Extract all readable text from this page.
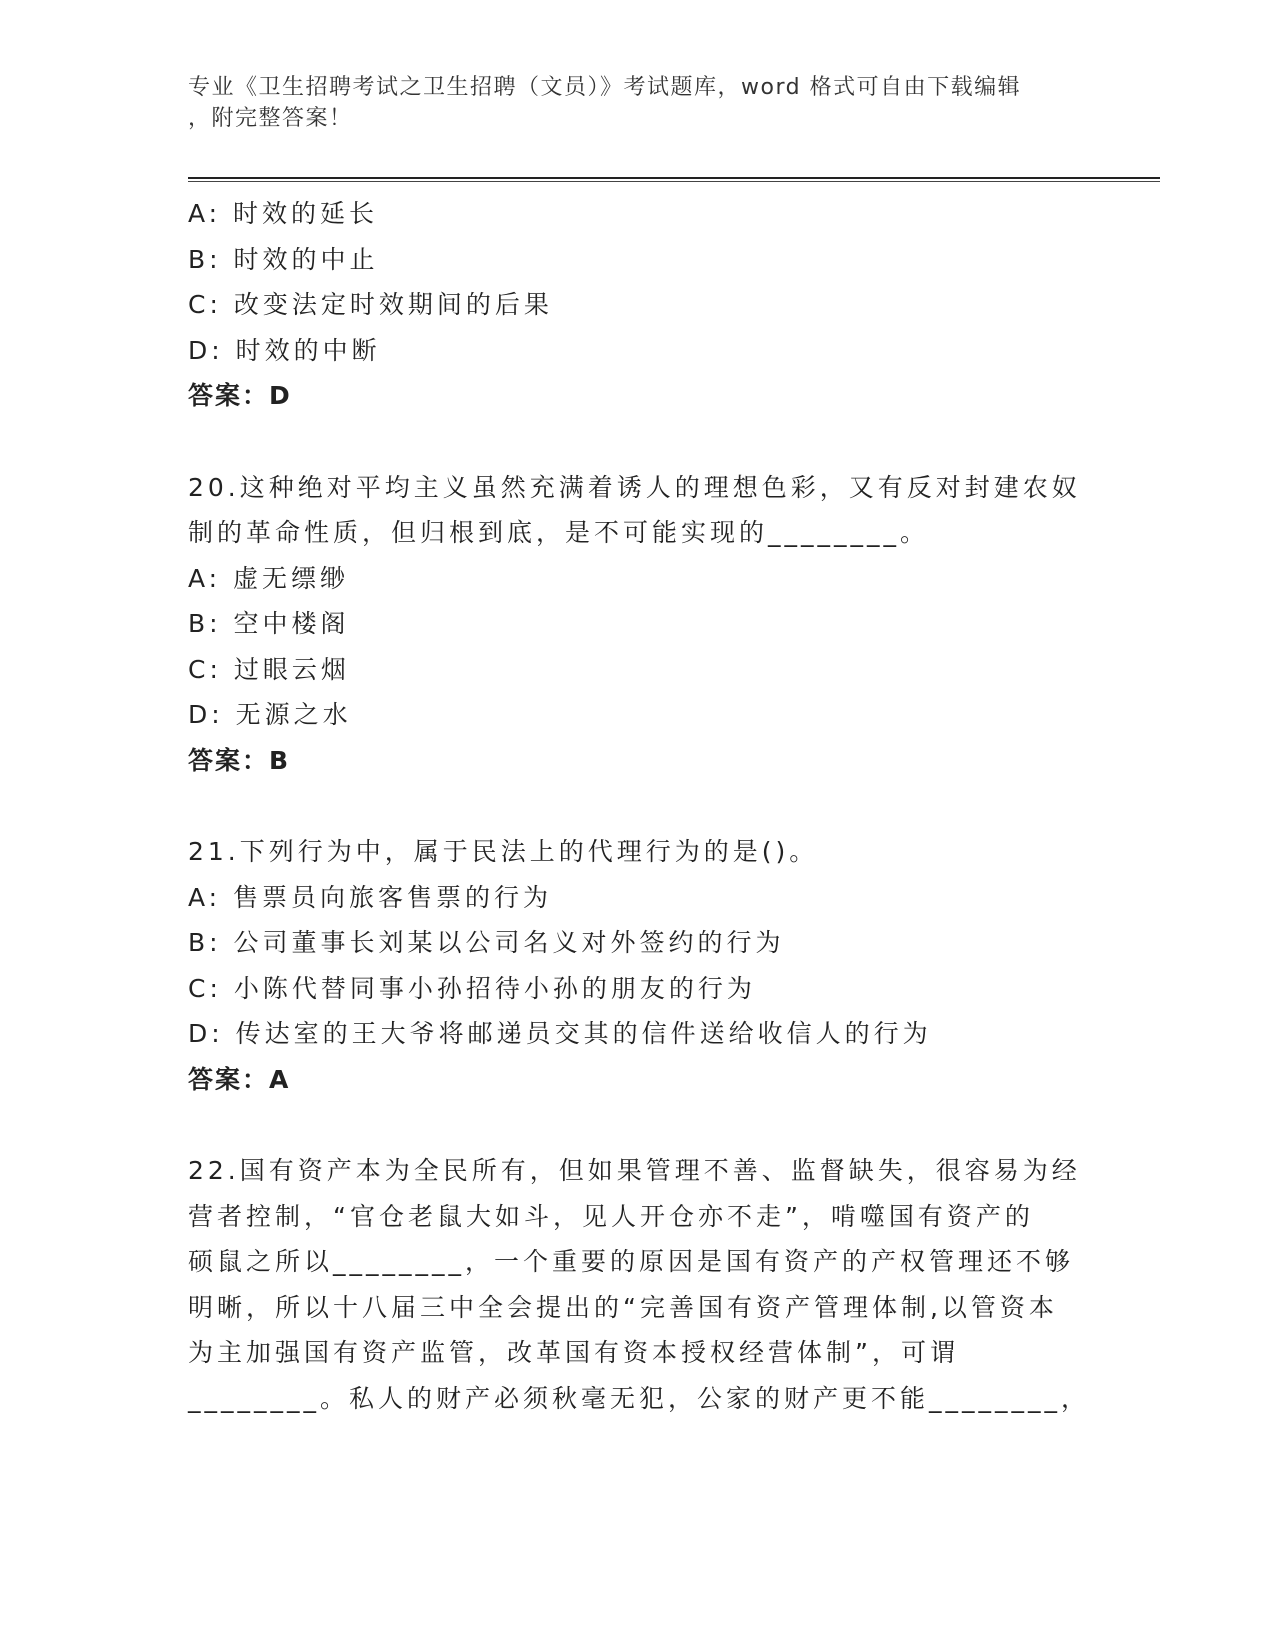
专业《卫生招聘考试之卫生招聘（文员）》考试题库，word 格式可自由下载编辑
，附完整答案！
A: 时效的延长
B: 时效的中止
C: 改变法定时效期间的后果
D: 时效的中断
答案：D
20.这种绝对平均主义虽然充满着诱人的理想色彩，又有反对封建农奴
制的革命性质，但归根到底，是不可能实现的________。
A: 虚无缥缈
B: 空中楼阁
C: 过眼云烟
D: 无源之水
答案：B
21.下列行为中，属于民法上的代理行为的是()。
A: 售票员向旅客售票的行为
B: 公司董事长刘某以公司名义对外签约的行为
C: 小陈代替同事小孙招待小孙的朋友的行为
D: 传达室的王大爷将邮递员交其的信件送给收信人的行为
答案：A
22.国有资产本为全民所有，但如果管理不善、监督缺失，很容易为经
营者控制，“官仓老鼠大如斗，见人开仓亦不走”，啃噬国有资产的
硕鼠之所以________，一个重要的原因是国有资产的产权管理还不够
明晰，所以十八届三中全会提出的“完善国有资产管理体制,以管资本
为主加强国有资产监管，改革国有资本授权经营体制”，可谓
________。私人的财产必须秋毫无犯，公家的财产更不能________，
